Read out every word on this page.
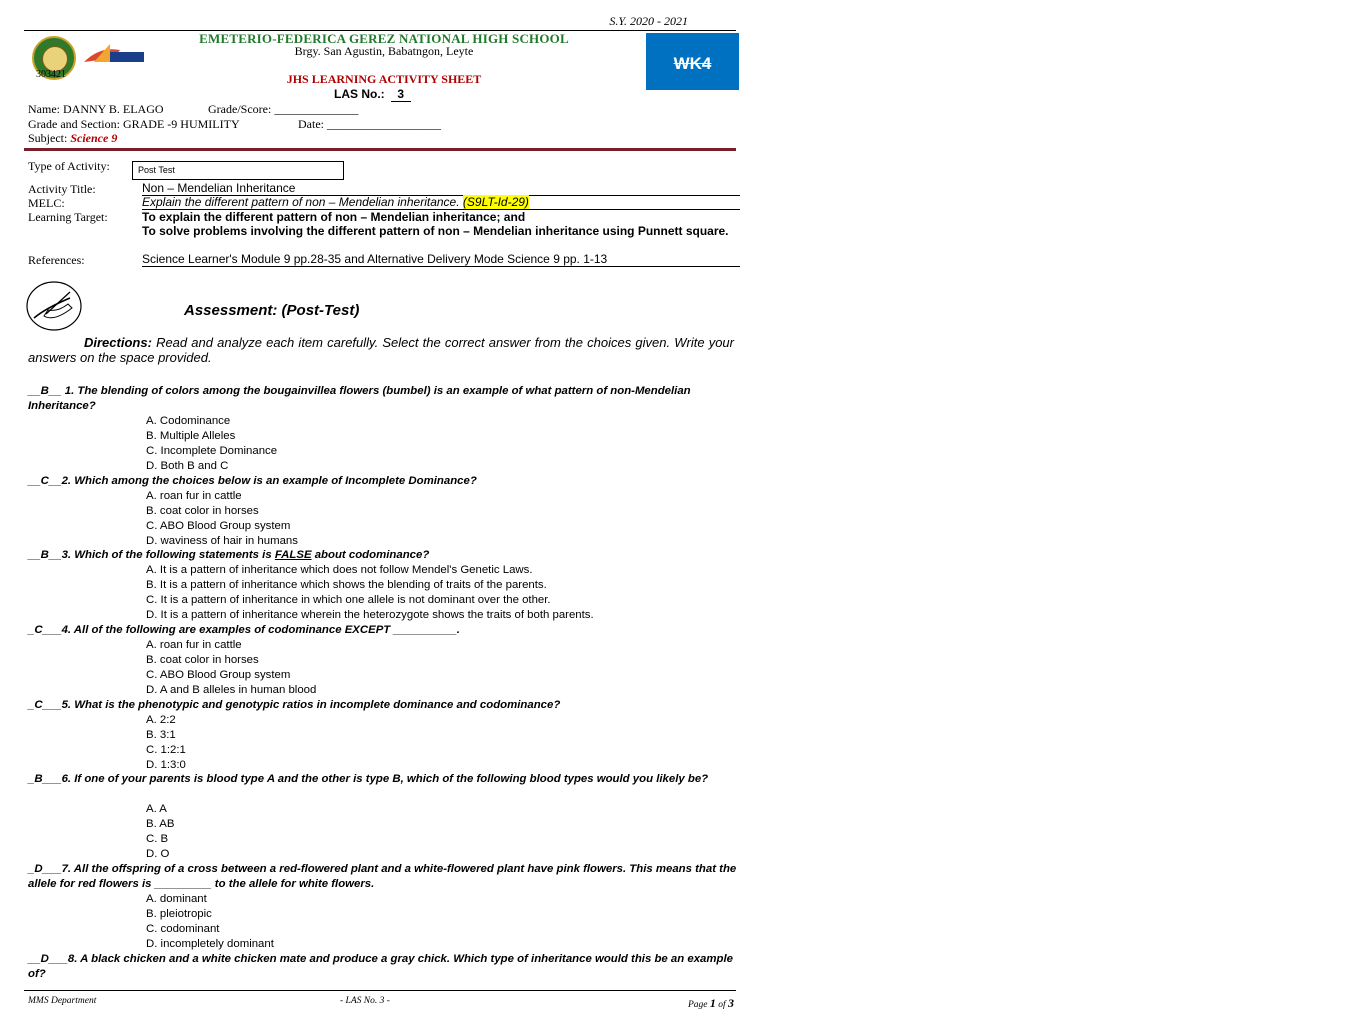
S.Y. 2020 - 2021
303421
EMETERIO-FEDERICA GEREZ NATIONAL HIGH SCHOOL
Brgy. San Agustin, Babatngon, Leyte	Q1
WK4
JHS LEARNING ACTIVITY SHEET
LAS No.: 3
Name: DANNY B. ELAGO	Grade/Score: ______________
Grade and Section: GRADE -9 HUMILITY	Date: ___________________
Subject: Science 9
Type of Activity:	Post Test
Activity Title:	Non – Mendelian Inheritance
MELC:	Explain the different pattern of non – Mendelian inheritance. (S9LT-Id-29)
Learning Target:	To explain the different pattern of non – Mendelian inheritance; and
To solve problems involving the different pattern of non – Mendelian inheritance using Punnett square.
References:	Science Learner's Module 9 pp.28-35 and Alternative Delivery Mode Science 9 pp. 1-13
Assessment: (Post-Test)
Directions: Read and analyze each item carefully. Select the correct answer from the choices given. Write your answers on the space provided.
__B__ 1. The blending of colors among the bougainvillea flowers (bumbel) is an example of what pattern of non-Mendelian Inheritance?
A. Codominance
B. Multiple Alleles
C. Incomplete Dominance
D. Both B and C
__C__2. Which among the choices below is an example of Incomplete Dominance?
A. roan fur in cattle
B. coat color in horses
C. ABO Blood Group system
D. waviness of hair in humans
__B__3. Which of the following statements is FALSE about codominance?
A. It is a pattern of inheritance which does not follow Mendel's Genetic Laws.
B. It is a pattern of inheritance which shows the blending of traits of the parents.
C. It is a pattern of inheritance in which one allele is not dominant over the other.
D. It is a pattern of inheritance wherein the heterozygote shows the traits of both parents.
_C___4. All of the following are examples of codominance EXCEPT __________.
A. roan fur in cattle
B. coat color in horses
C. ABO Blood Group system
D. A and B alleles in human blood
_C___5. What is the phenotypic and genotypic ratios in incomplete dominance and codominance?
A. 2:2
B. 3:1
C. 1:2:1
D. 1:3:0
_B___6. If one of your parents is blood type A and the other is type B, which of the following blood types would you likely be?
A. A
B. AB
C. B
D. O
_D___7. All the offspring of a cross between a red-flowered plant and a white-flowered plant have pink flowers. This means that the allele for red flowers is _________ to the allele for white flowers.
A. dominant
B. pleiotropic
C. codominant
D. incompletely dominant
__D___8. A black chicken and a white chicken mate and produce a gray chick. Which type of inheritance would this be an example of?
MMS Department	- LAS No. 3 -	Page 1 of 3
